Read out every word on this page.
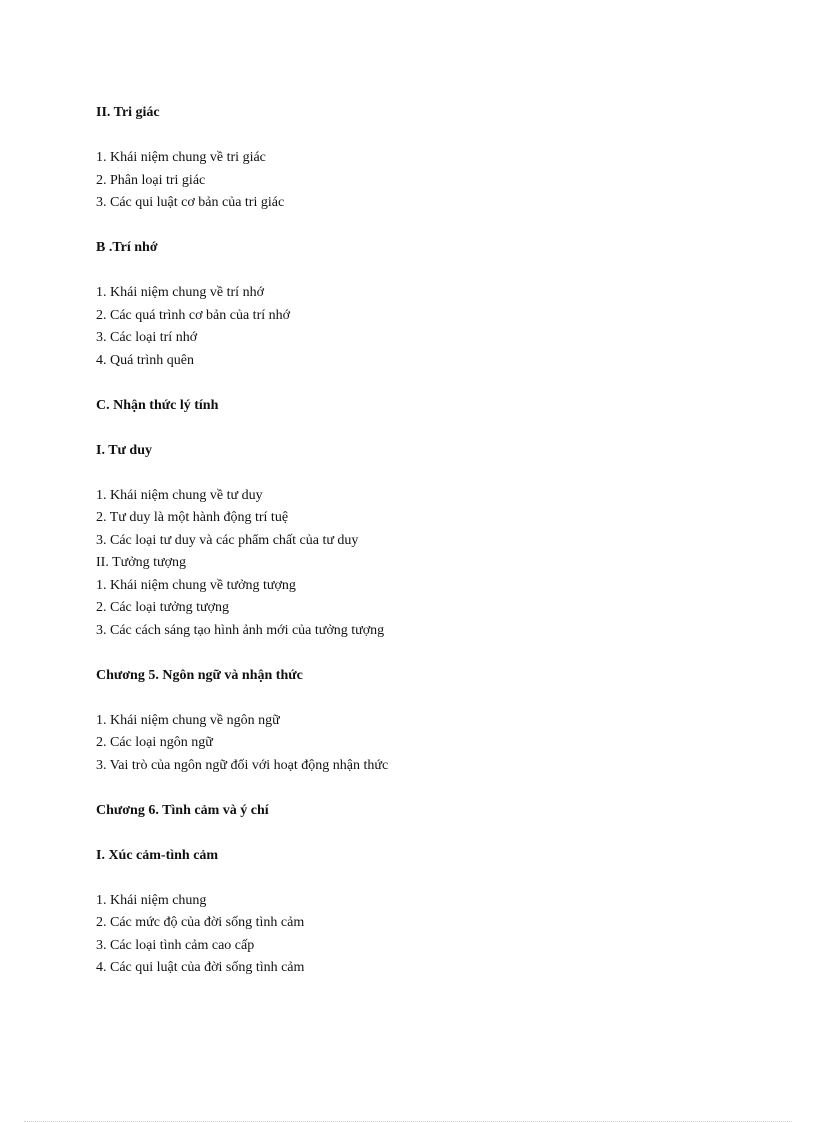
II. Tri giác
1. Khái niệm chung về tri giác
2. Phân loại tri giác
3. Các qui luật cơ bản của tri giác
B .Trí nhớ
1. Khái niệm chung về trí nhớ
2. Các quá trình cơ bản của trí nhớ
3. Các loại trí nhớ
4. Quá trình quên
C. Nhận thức lý tính
I. Tư duy
1. Khái niệm chung về tư duy
2. Tư duy là một hành động trí tuệ
3. Các loại tư duy và các phẩm chất của tư duy
II. Tưởng tượng
1. Khái niệm chung về tưởng tượng
2. Các loại tưởng tượng
3. Các cách sáng tạo hình ảnh mới của tưởng tượng
Chương 5. Ngôn ngữ và nhận thức
1. Khái niệm chung về ngôn ngữ
2. Các loại ngôn ngữ
3. Vai trò của ngôn ngữ đối với hoạt động nhận thức
Chương 6. Tình cảm và ý chí
I. Xúc cảm-tình cảm
1. Khái niệm chung
2. Các mức độ của đời sống tình cảm
3. Các loại tình cảm cao cấp
4. Các qui luật của đời sống tình cảm
